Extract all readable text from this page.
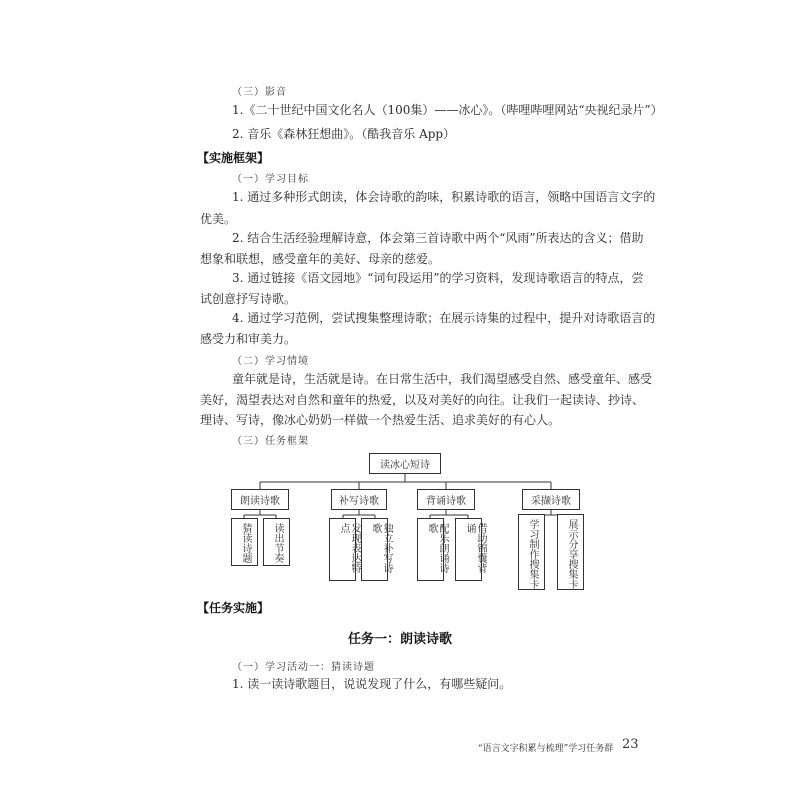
（三）影音
1.《二十世纪中国文化名人（100集）——冰心》。（哔哩哔哩网站“央视纪录片”）
2. 音乐《森林狂想曲》。（酷我音乐 App）
【实施框架】
（一）学习目标
1. 通过多种形式朗读，体会诗歌的韵味，积累诗歌的语言，领略中国语言文字的
优美。
2. 结合生活经验理解诗意，体会第三首诗歌中两个“风雨”所表达的含义；借助
想象和联想，感受童年的美好、母亲的慈爱。
3. 通过链接《语文园地》“词句段运用”的学习资料，发现诗歌语言的特点，尝
试创意抒写诗歌。
4. 通过学习范例，尝试搜集整理诗歌；在展示诗集的过程中，提升对诗歌语言的
感受力和审美力。
（二）学习情境
童年就是诗，生活就是诗。在日常生活中，我们渴望感受自然、感受童年、感受
美好，渴望表达对自然和童年的热爱，以及对美好的向往。让我们一起读诗、抄诗、
理诗、写诗，像冰心奶奶一样做一个热爱生活、追求美好的有心人。
（三）任务框架
读冰心短诗
朗读诗歌	补写诗歌	背诵诗歌	采撷诗歌
猜读诗题 读出节奏	发现表达特点	独立补写诗歌	配乐朗诵诗歌	借助锦囊背诵	学习制作搜集卡	展示分享搜集卡
【任务实施】
任务一：朗读诗歌
（一）学习活动一：猜读诗题
1. 读一读诗歌题目，说说发现了什么，有哪些疑问。
“语言文字积累与梳理”学习任务群 23
